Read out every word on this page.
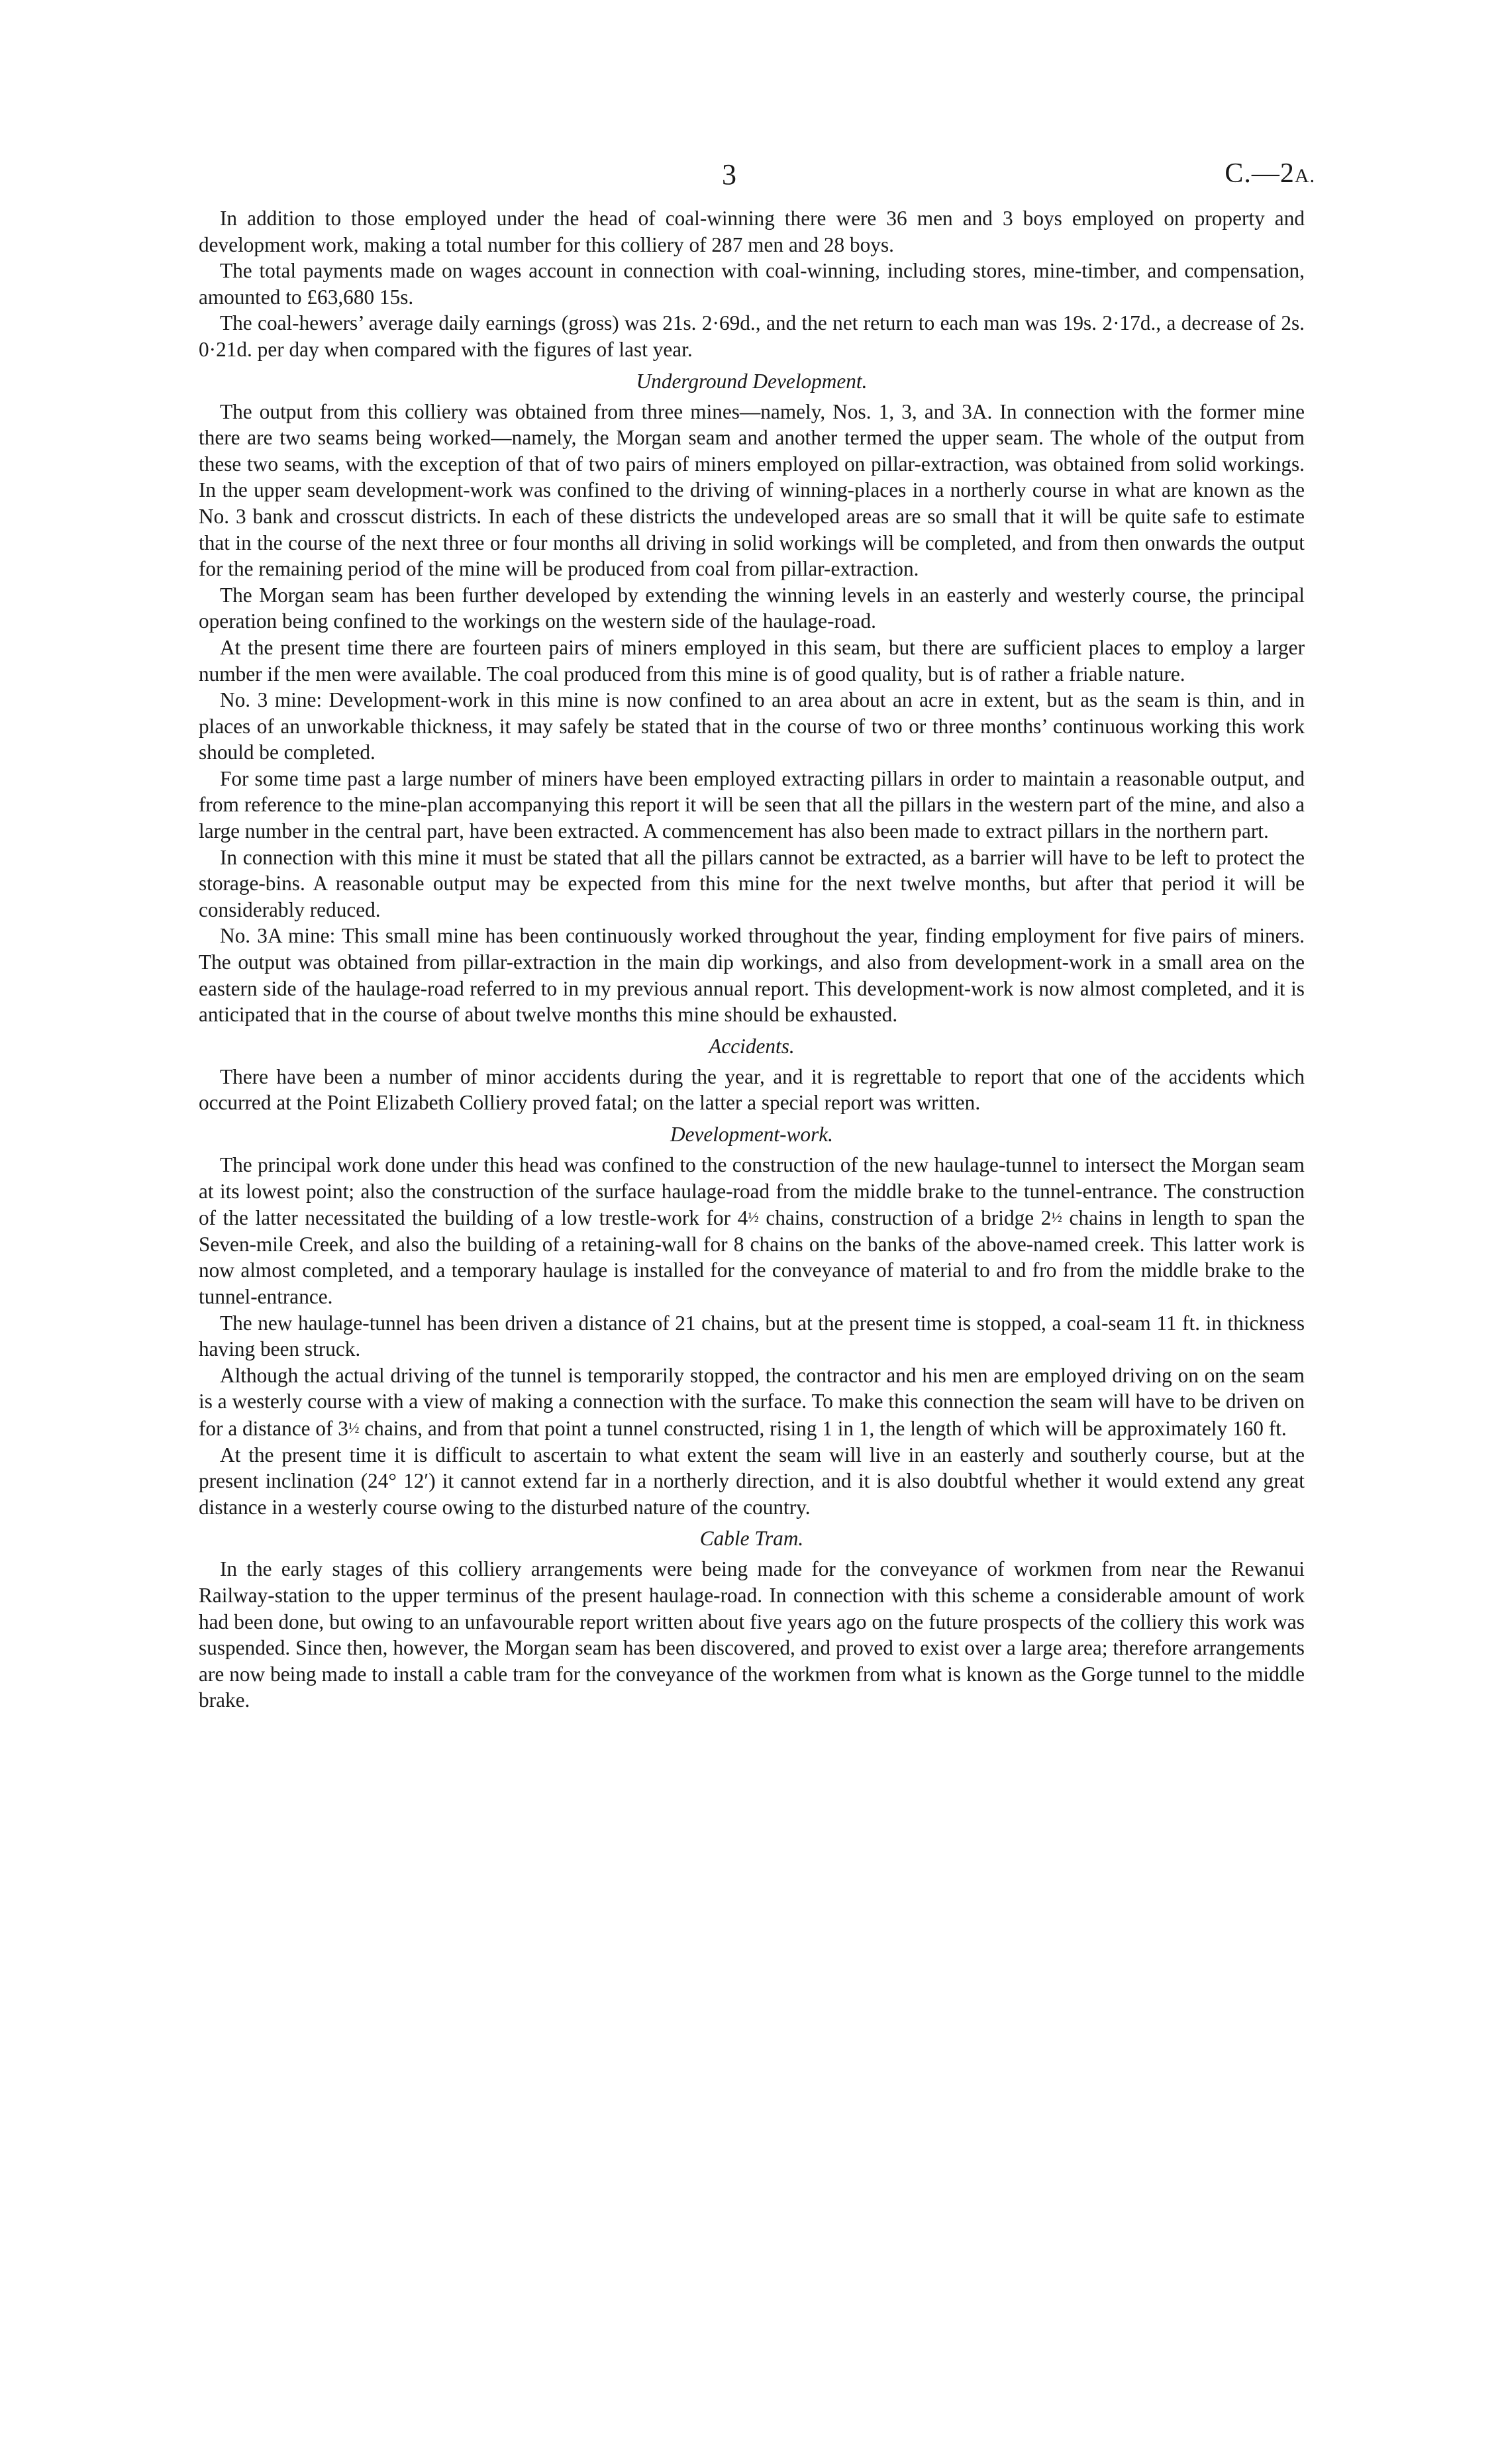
3	C.—2A.

In addition to those employed under the head of coal-winning there were 36 men and 3 boys employed on property and development work, making a total number for this colliery of 287 men and 28 boys.

The total payments made on wages account in connection with coal-winning, including stores, mine-timber, and compensation, amounted to £63,680 15s.

The coal-hewers’ average daily earnings (gross) was 21s. 2·69d., and the net return to each man was 19s. 2·17d., a decrease of 2s. 0·21d. per day when compared with the figures of last year.

Underground Development.

The output from this colliery was obtained from three mines—namely, Nos. 1, 3, and 3A. In connection with the former mine there are two seams being worked—namely, the Morgan seam and another termed the upper seam. The whole of the output from these two seams, with the exception of that of two pairs of miners employed on pillar-extraction, was obtained from solid workings. In the upper seam development-work was confined to the driving of winning-places in a northerly course in what are known as the No. 3 bank and crosscut districts. In each of these districts the undeveloped areas are so small that it will be quite safe to estimate that in the course of the next three or four months all driving in solid workings will be completed, and from then onwards the output for the remaining period of the mine will be produced from coal from pillar-extraction.

The Morgan seam has been further developed by extending the winning levels in an easterly and westerly course, the principal operation being confined to the workings on the western side of the haulage-road.

At the present time there are fourteen pairs of miners employed in this seam, but there are sufficient places to employ a larger number if the men were available. The coal produced from this mine is of good quality, but is of rather a friable nature.

No. 3 mine: Development-work in this mine is now confined to an area about an acre in extent, but as the seam is thin, and in places of an unworkable thickness, it may safely be stated that in the course of two or three months’ continuous working this work should be completed.

For some time past a large number of miners have been employed extracting pillars in order to maintain a reasonable output, and from reference to the mine-plan accompanying this report it will be seen that all the pillars in the western part of the mine, and also a large number in the central part, have been extracted. A commencement has also been made to extract pillars in the northern part.

In connection with this mine it must be stated that all the pillars cannot be extracted, as a barrier will have to be left to protect the storage-bins. A reasonable output may be expected from this mine for the next twelve months, but after that period it will be considerably reduced.

No. 3A mine: This small mine has been continuously worked throughout the year, finding employment for five pairs of miners. The output was obtained from pillar-extraction in the main dip workings, and also from development-work in a small area on the eastern side of the haulage-road referred to in my previous annual report. This development-work is now almost completed, and it is anticipated that in the course of about twelve months this mine should be exhausted.

Accidents.

There have been a number of minor accidents during the year, and it is regrettable to report that one of the accidents which occurred at the Point Elizabeth Colliery proved fatal; on the latter a special report was written.

Development-work.

The principal work done under this head was confined to the construction of the new haulage-tunnel to intersect the Morgan seam at its lowest point; also the construction of the surface haulage-road from the middle brake to the tunnel-entrance. The construction of the latter necessitated the building of a low trestle-work for 4½ chains, construction of a bridge 2½ chains in length to span the Seven-mile Creek, and also the building of a retaining-wall for 8 chains on the banks of the above-named creek. This latter work is now almost completed, and a temporary haulage is installed for the conveyance of material to and fro from the middle brake to the tunnel-entrance.

The new haulage-tunnel has been driven a distance of 21 chains, but at the present time is stopped, a coal-seam 11 ft. in thickness having been struck.

Although the actual driving of the tunnel is temporarily stopped, the contractor and his men are employed driving on on the seam is a westerly course with a view of making a connection with the surface. To make this connection the seam will have to be driven on for a distance of 3½ chains, and from that point a tunnel constructed, rising 1 in 1, the length of which will be approximately 160 ft.

At the present time it is difficult to ascertain to what extent the seam will live in an easterly and southerly course, but at the present inclination (24° 12′) it cannot extend far in a northerly direction, and it is also doubtful whether it would extend any great distance in a westerly course owing to the disturbed nature of the country.

Cable Tram.

In the early stages of this colliery arrangements were being made for the conveyance of workmen from near the Rewanui Railway-station to the upper terminus of the present haulage-road. In connection with this scheme a considerable amount of work had been done, but owing to an unfavourable report written about five years ago on the future prospects of the colliery this work was suspended. Since then, however, the Morgan seam has been discovered, and proved to exist over a large area; therefore arrangements are now being made to install a cable tram for the conveyance of the workmen from what is known as the Gorge tunnel to the middle brake.
